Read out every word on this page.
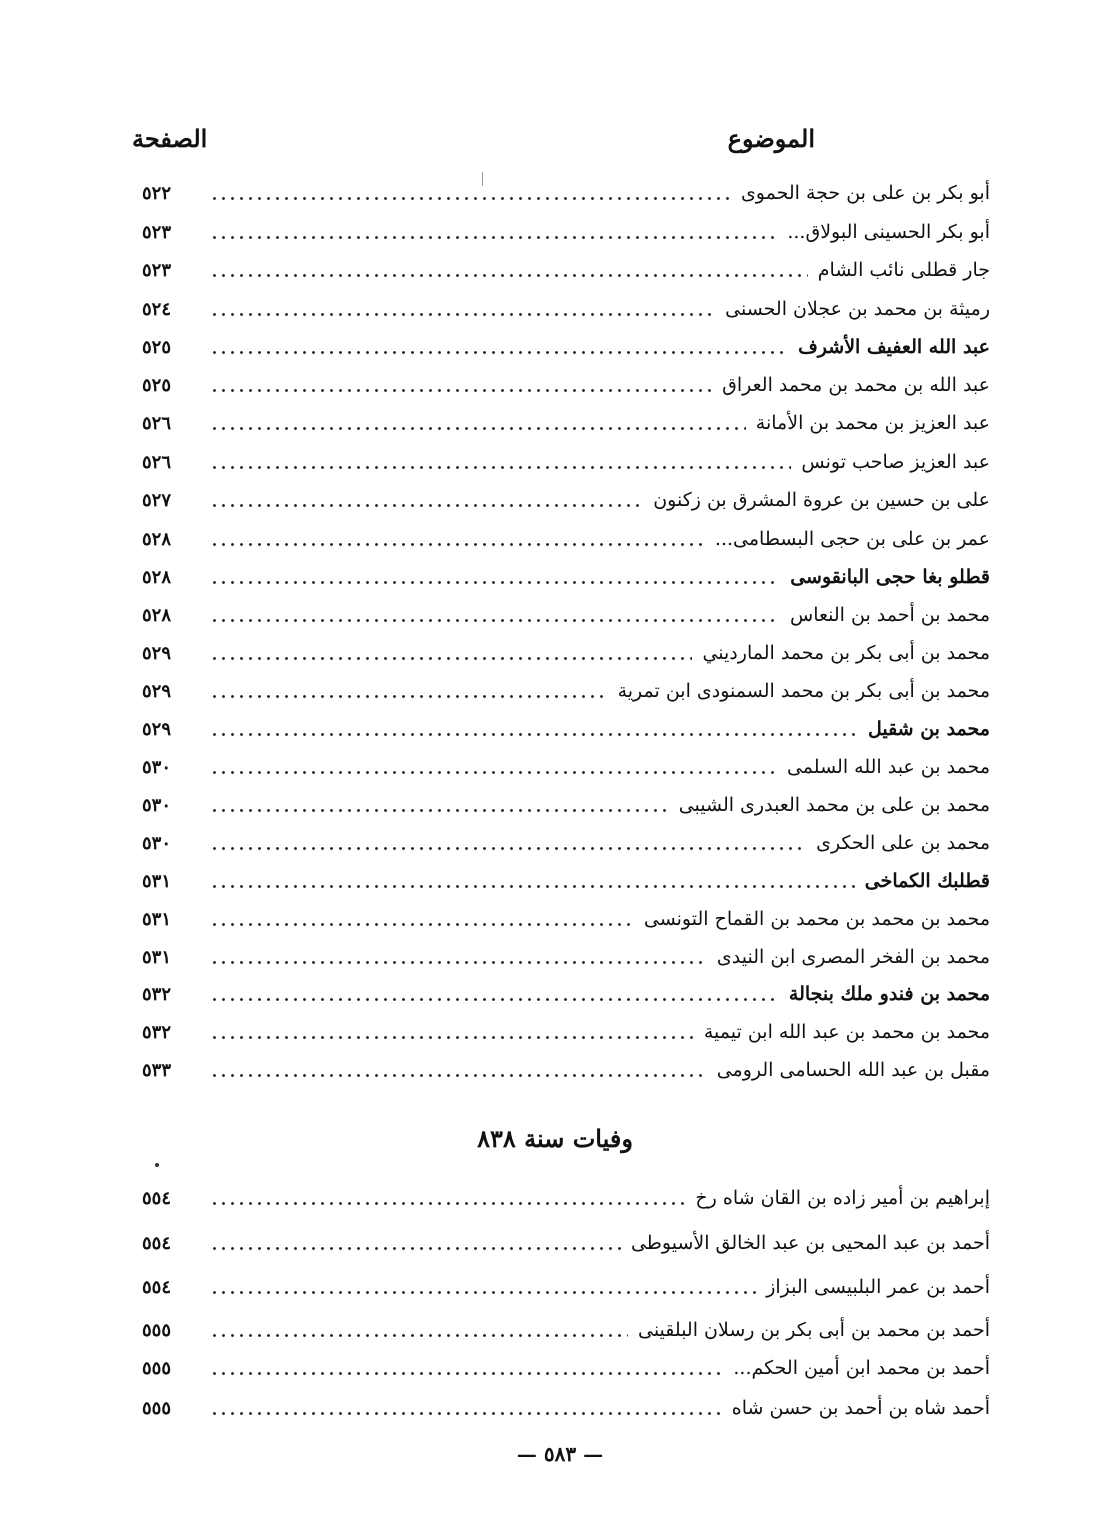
الموضوع
الصفحة
أبو بكر بن على بن حجة الحموى
٥٢٢
أبو بكر الحسينى البولاق...
٥٢٣
جار قطلى نائب الشام
٥٢٣
رميثة بن محمد بن عجلان الحسنى
٥٢٤
عبد الله العفيف الأشرف
٥٢٥
عبد الله بن محمد بن محمد العراق
٥٢٥
عبد العزيز بن محمد بن الأمانة
٥٢٦
عبد العزيز صاحب تونس
٥٢٦
على بن حسين بن عروة المشرق بن زكنون
٥٢٧
عمر بن على بن حجى البسطامى...
٥٢٨
قطلو بغا حجى البانقوسى
٥٢٨
محمد بن أحمد بن النعاس
٥٢٨
محمد بن أبى بكر بن محمد المارديني
٥٢٩
محمد بن أبى بكر بن محمد السمنودى ابن تمرية
٥٢٩
محمد بن شقيل
٥٢٩
محمد بن عبد الله السلمى
٥٣٠
محمد بن على بن محمد العبدرى الشيبى
٥٣٠
محمد بن على الحكرى
٥٣٠
قطلبك الكماخى
٥٣١
محمد بن محمد بن محمد بن القماح التونسى
٥٣١
محمد بن الفخر المصرى ابن النيدى
٥٣١
محمد بن فندو ملك بنجالة
٥٣٢
محمد بن محمد بن عبد الله ابن تيمية
٥٣٢
مقبل بن عبد الله الحسامى الرومى
٥٣٣
وفيات سنة ٨٣٨
إبراهيم بن أمير زاده بن القان شاه رخ
٥٥٤
أحمد بن عبد المحيى بن عبد الخالق الأسيوطى
٥٥٤
أحمد بن عمر البلبيسى البزاز
٥٥٤
أحمد بن محمد بن أبى بكر بن رسلان البلقينى
٥٥٥
أحمد بن محمد ابن أمين الحكم...
٥٥٥
أحمد شاه بن أحمد بن حسن شاه
٥٥٥
— ٥٨٣ —
